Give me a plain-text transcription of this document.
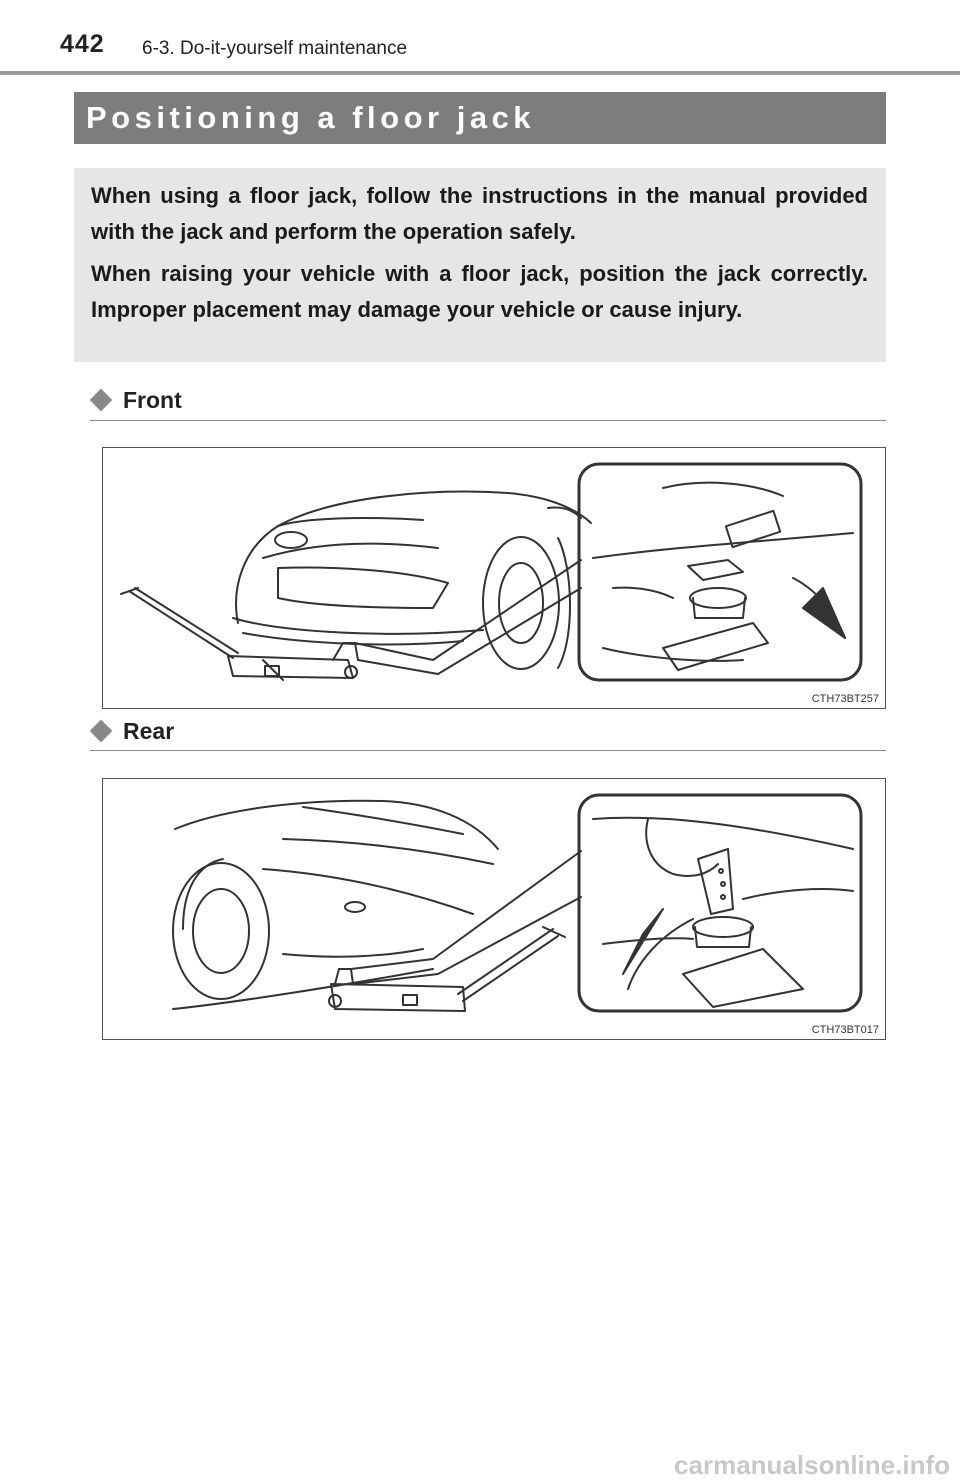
442 6-3. Do-it-yourself maintenance
Positioning a floor jack

When using a floor jack, follow the instructions in the manual provided with the jack and perform the operation safely.

When raising your vehicle with a floor jack, position the jack correctly. Improper placement may damage your vehicle or cause injury.

Front
CTH73BT257
Rear
CTH73BT017
carmanualsonline.info
